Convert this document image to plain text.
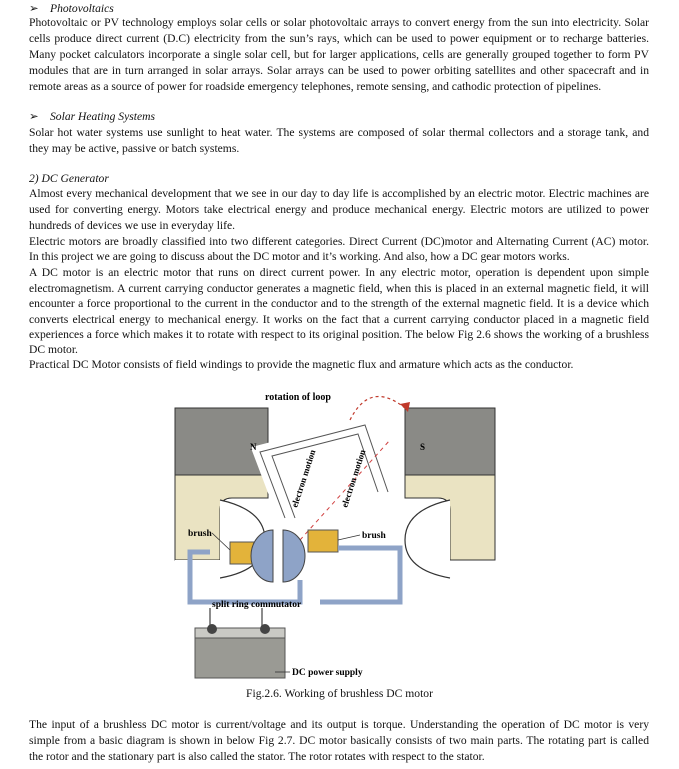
➢ Photovoltaics
Photovoltaic or PV technology employs solar cells or solar photovoltaic arrays to convert energy from the sun into electricity. Solar
cells produce direct current (D.C) electricity from the sun’s rays, which can be used to power equipment or to recharge batteries.
Many pocket calculators incorporate a single solar cell, but for larger applications, cells are generally grouped together to form PV
modules that are in turn arranged in solar arrays. Solar arrays can be used to power orbiting satellites and other spacecraft and in
remote areas as a source of power for roadside emergency telephones, remote sensing, and cathodic protection of pipelines.
➢ Solar Heating Systems
Solar hot water systems use sunlight to heat water. The systems are composed of solar thermal collectors and a storage tank, and
they may be active, passive or batch systems.
2) DC Generator
Almost every mechanical development that we see in our day to day life is accomplished by an electric motor. Electric machines are
used for converting energy. Motors take electrical energy and produce mechanical energy. Electric motors are utilized to power
hundreds of devices we use in everyday life.
Electric motors are broadly classified into two different categories. Direct Current (DC)motor and Alternating Current (AC) motor.
In this project we are going to discuss about the DC motor and it’s working. And also, how a DC gear motors works.
A DC motor is an electric motor that runs on direct current power. In any electric motor, operation is dependent upon simple
electromagnetism. A current carrying conductor generates a magnetic field, when this is placed in an external magnetic field, it will
encounter a force proportional to the current in the conductor and to the strength of the external magnetic field. It is a device which
converts electrical energy to mechanical energy. It works on the fact that a current carrying conductor placed in a magnetic field
experiences a force which makes it to rotate with respect to its original position. The below Fig 2.6 shows the working of a brushless
DC motor.
Practical DC Motor consists of field windings to provide the magnetic flux and armature which acts as the conductor.
rotation of loop
N	S
brush	brush
electron motion electron motion
split ring commutator
DC power supply
Fig.2.6. Working of brushless DC motor
The input of a brushless DC motor is current/voltage and its output is torque. Understanding the operation of DC motor is very
simple from a basic diagram is shown in below Fig 2.7. DC motor basically consists of two main parts. The rotating part is called
the rotor and the stationary part is also called the stator. The rotor rotates with respect to the stator.
